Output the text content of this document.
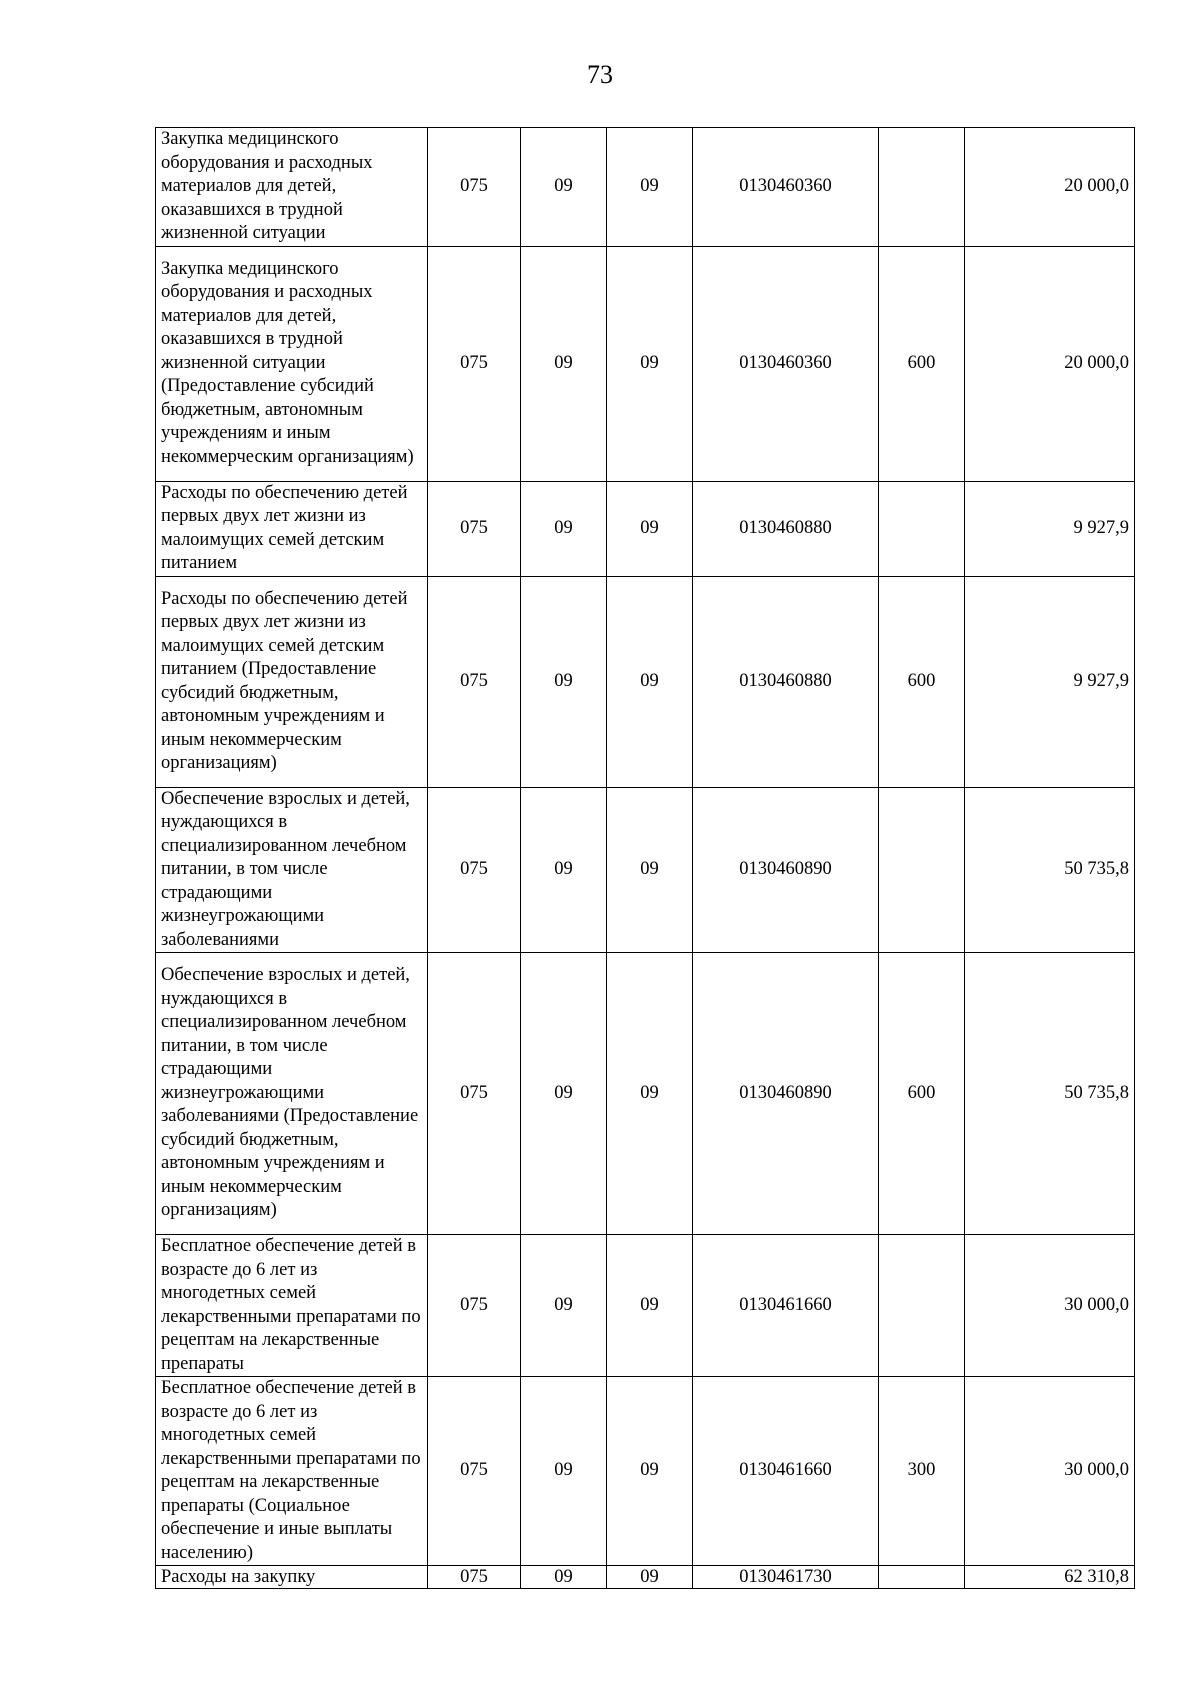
73
Закупка медицинского оборудования и расходных материалов для детей, оказавшихся в трудной жизненной ситуации	075	09	09	0130460360		20 000,0
Закупка медицинского оборудования и расходных материалов для детей, оказавшихся в трудной жизненной ситуации (Предоставление субсидий бюджетным, автономным учреждениям и иным некоммерческим организациям)	075	09	09	0130460360	600	20 000,0
Расходы по обеспечению детей первых двух лет жизни из малоимущих семей детским питанием	075	09	09	0130460880		9 927,9
Расходы по обеспечению детей первых двух лет жизни из малоимущих семей детским питанием (Предоставление субсидий бюджетным, автономным учреждениям и иным некоммерческим организациям)	075	09	09	0130460880	600	9 927,9
Обеспечение взрослых и детей, нуждающихся в специализированном лечебном питании, в том числе страдающими жизнеугрожающими заболеваниями	075	09	09	0130460890		50 735,8
Обеспечение взрослых и детей, нуждающихся в специализированном лечебном питании, в том числе страдающими жизнеугрожающими заболеваниями (Предоставление субсидий бюджетным, автономным учреждениям и иным некоммерческим организациям)	075	09	09	0130460890	600	50 735,8
Бесплатное обеспечение детей в возрасте до 6 лет из многодетных семей лекарственными препаратами по рецептам на лекарственные препараты	075	09	09	0130461660		30 000,0
Бесплатное обеспечение детей в возрасте до 6 лет из многодетных семей лекарственными препаратами по рецептам на лекарственные препараты (Социальное обеспечение и иные выплаты населению)	075	09	09	0130461660	300	30 000,0
Расходы на закупку	075	09	09	0130461730		62 310,8
